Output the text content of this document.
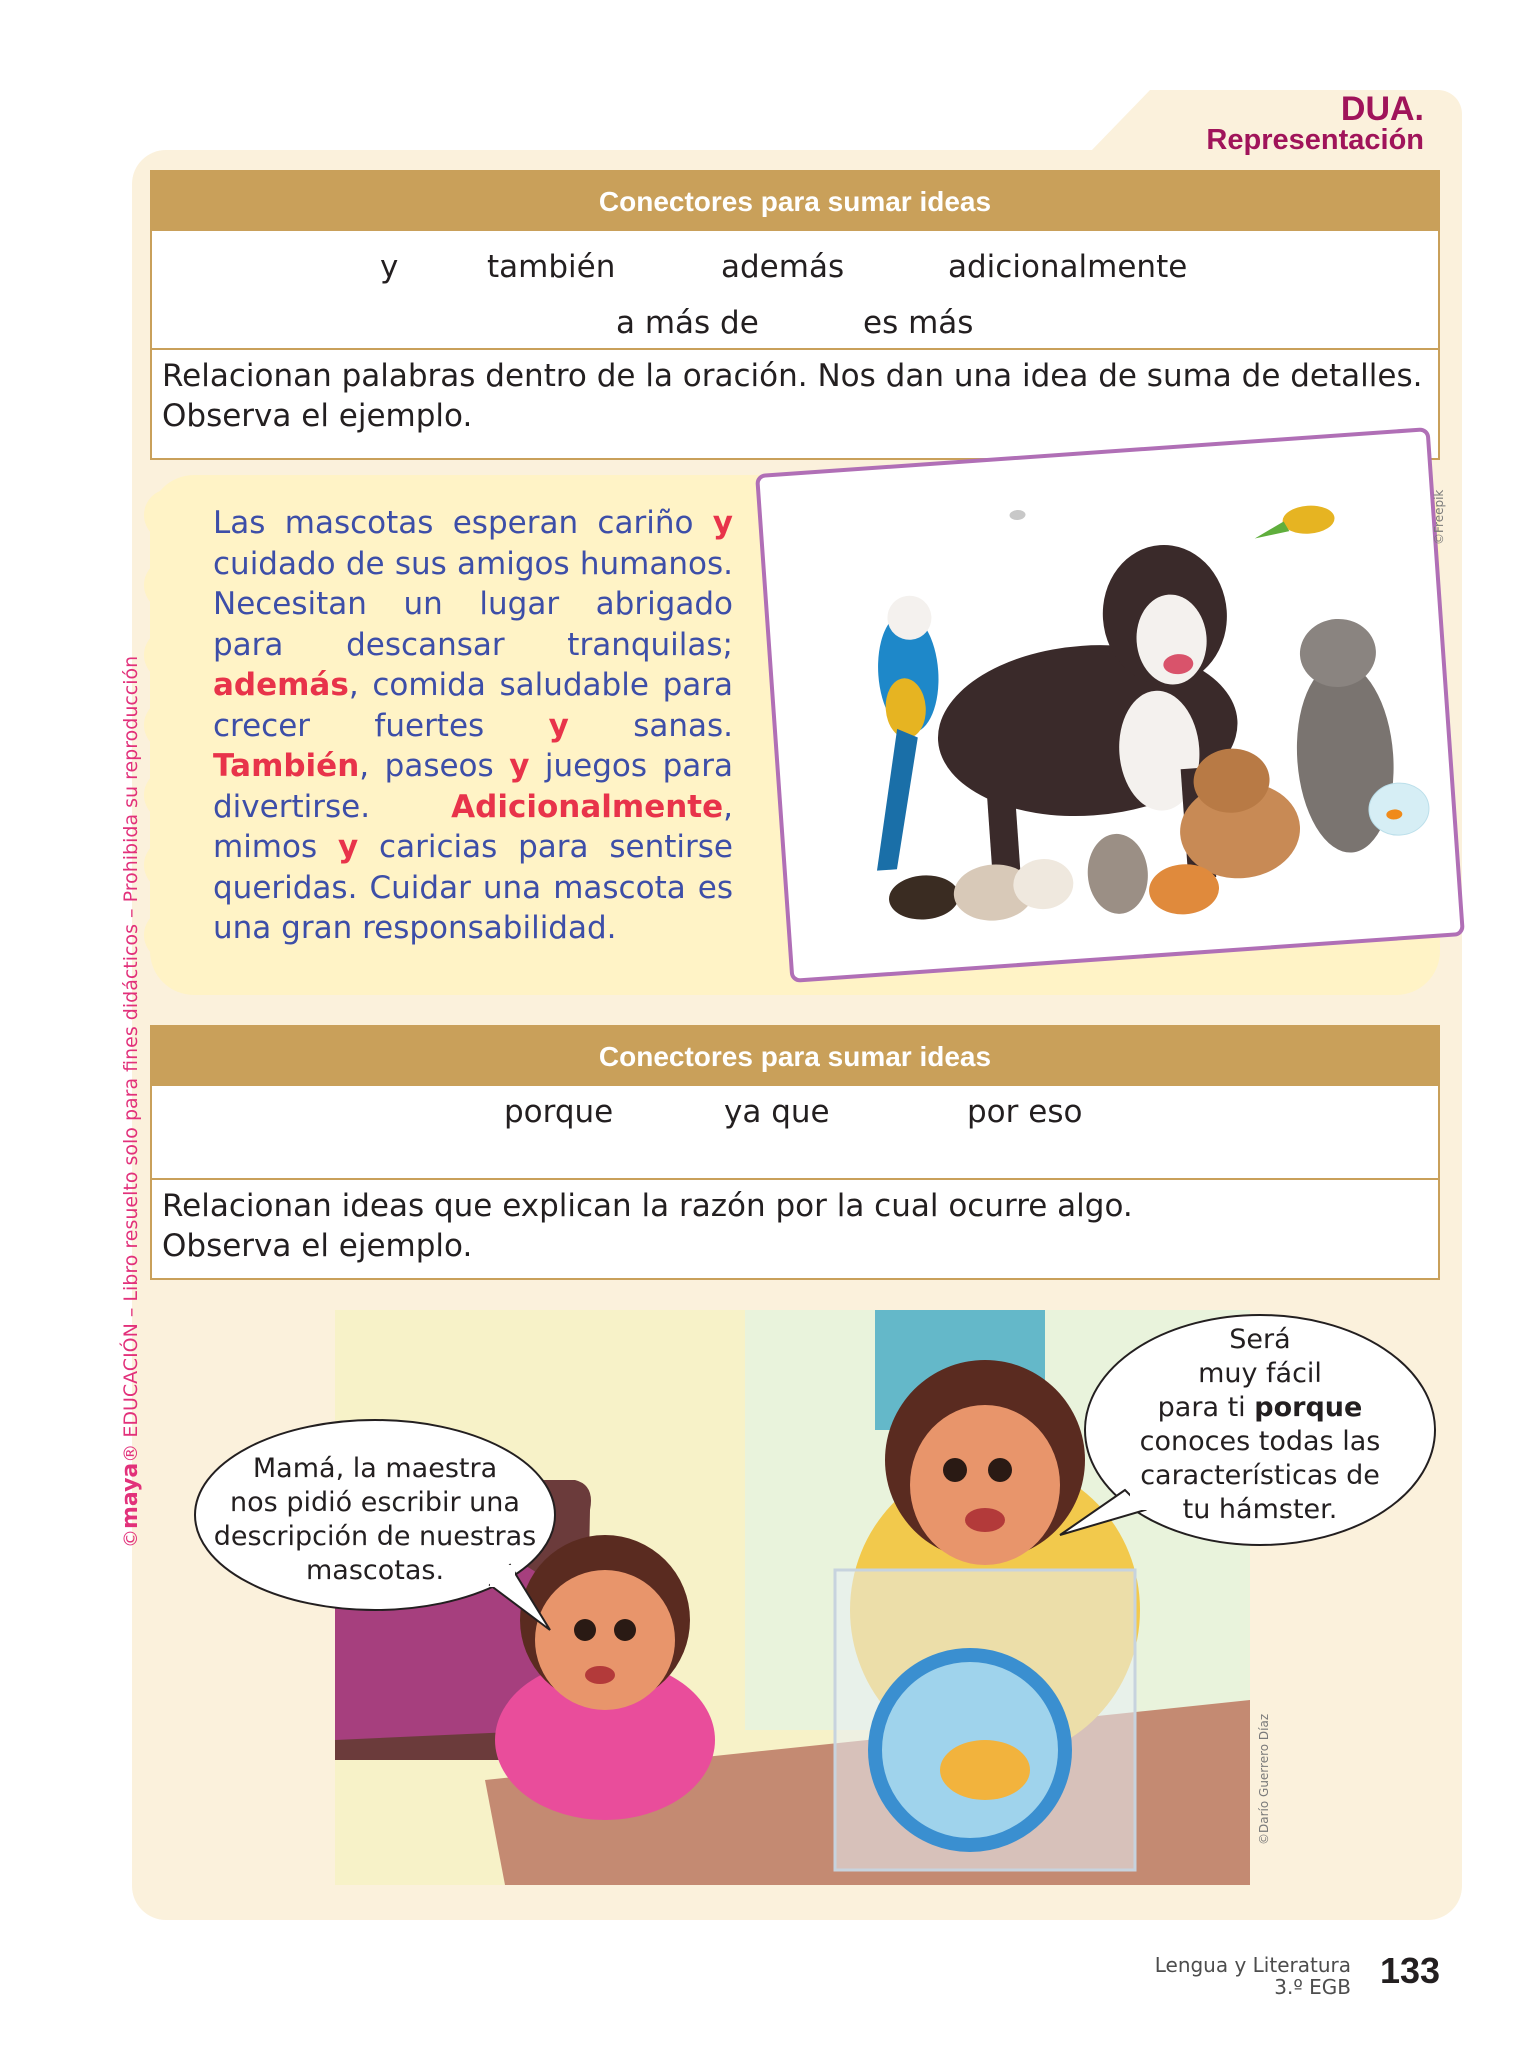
DUA.
Representación
©maya® EDUCACIÓN – Libro resuelto solo para fines didácticos – Prohibida su reproducción
Conectores para sumar ideas
y	también	además	adicionalmente
a más de	es más
Relacionan palabras dentro de la oración. Nos dan una idea de suma de detalles. Observa el ejemplo.
Las mascotas esperan cariño y cuidado de sus amigos humanos. Necesitan un lugar abrigado para descansar tranquilas; además, comida saludable para crecer fuertes y sanas. También, paseos y juegos para divertirse. Adicionalmente, mimos y caricias para sentirse queridas. Cuidar una mascota es una gran responsabilidad.
©Freepik
Conectores para sumar ideas
porque	ya que	por eso
Relacionan ideas que explican la razón por la cual ocurre algo.
Observa el ejemplo.
©Darío Guerrero Díaz
Mamá, la maestra
nos pidió escribir una
descripción de nuestras
mascotas.
Será
muy fácil
para ti porque
conoces todas las
características de
tu hámster.
Lengua y Literatura
3.º EGB 133
